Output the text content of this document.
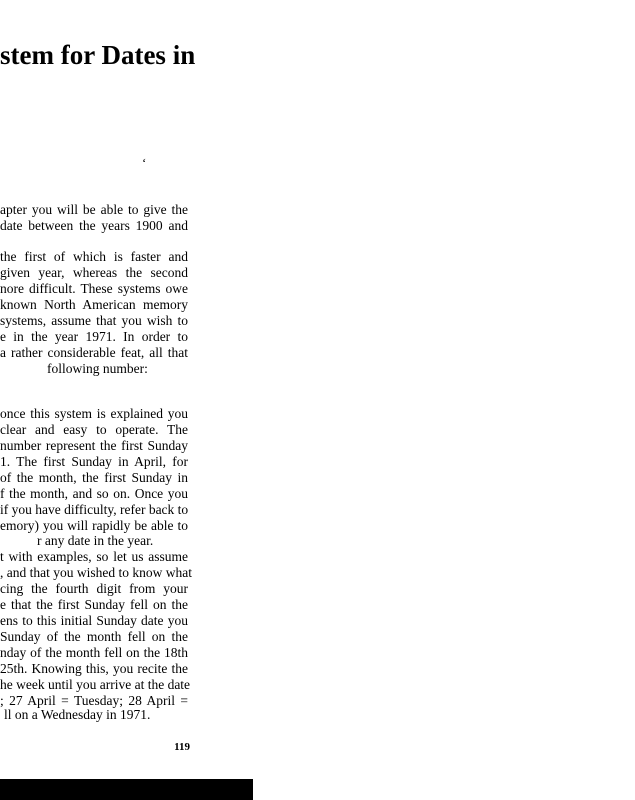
stem for Dates in
‘
apter you will be able to give the
date between the years 1900 and
the first of which is faster and
given year, whereas the second
nore difficult. These systems owe
known North American memory
systems, assume that you wish to
e in the year 1971. In order to
a rather considerable feat, all that
following number:
once this system is explained you
clear and easy to operate. The
number represent the first Sunday
1. The first Sunday in April, for
of the month, the first Sunday in
f the month, and so on. Once you
if you have difficulty, refer back to
emory) you will rapidly be able to
r any date in the year.
t with examples, so let us assume
, and that you wished to know what
cing the fourth digit from your
e that the first Sunday fell on the
ens to this initial Sunday date you
Sunday of the month fell on the
nday of the month fell on the 18th
25th. Knowing this, you recite the
he week until you arrive at the date
; 27 April = Tuesday; 28 April =
ll on a Wednesday in 1971.
119
